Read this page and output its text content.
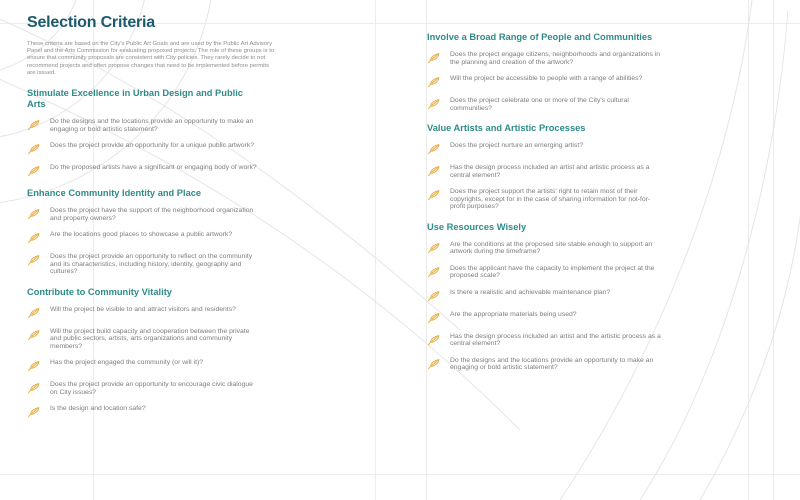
Selection Criteria

These criteria are based on the City's Public Art Goals and are used by the Public Art Advisory Panel and the Arts Commission for evaluating proposed projects. The role of these groups is to ensure that community proposals are consistent with City policies. They rarely decide to not recommend projects and often propose changes that need to be implemented before permits are issued.

Stimulate Excellence in Urban Design and Public Arts
Do the designs and the locations provide an opportunity to make an engaging or bold artistic statement?
Does the project provide an opportunity for a unique public artwork?
Do the proposed artists have a significant or engaging body of work?
Enhance Community Identity and Place
Does the project have the support of the neighborhood organization and property owners?
Are the locations good places to showcase a public artwork?
Does the project provide an opportunity to reflect on the community and its characteristics, including history, identity, geography and cultures?
Contribute to Community Vitality
Will the project be visible to and attract visitors and residents?
Will the project build capacity and cooperation between the private and public sectors, artists, arts organizations and community members?
Has the project engaged the community (or will it)?
Does the project provide an opportunity to encourage civic dialogue on City issues?
Is the design and location safe?
Involve a Broad Range of People and Communities
Does the project engage citizens, neighborhoods and organizations in the planning and creation of the artwork?
Will the project be accessible to people with a range of abilities?
Does the project celebrate one or more of the City's cultural communities?
Value Artists and Artistic Processes
Does the project nurture an emerging artist?
Has the design process included an artist and artistic process as a central element?
Does the project support the artists' right to retain most of their copyrights, except for in the case of sharing information for not-for-profit purposes?
Use Resources Wisely
Are the conditions at the proposed site stable enough to support an artwork during the timeframe?
Does the applicant have the capacity to implement the project at the proposed scale?
Is there a realistic and achievable maintenance plan?
Are the appropriate materials being used?
Has the design process included an artist and the artistic process as a central element?
Do the designs and the locations provide an opportunity to make an engaging or bold artistic statement?
